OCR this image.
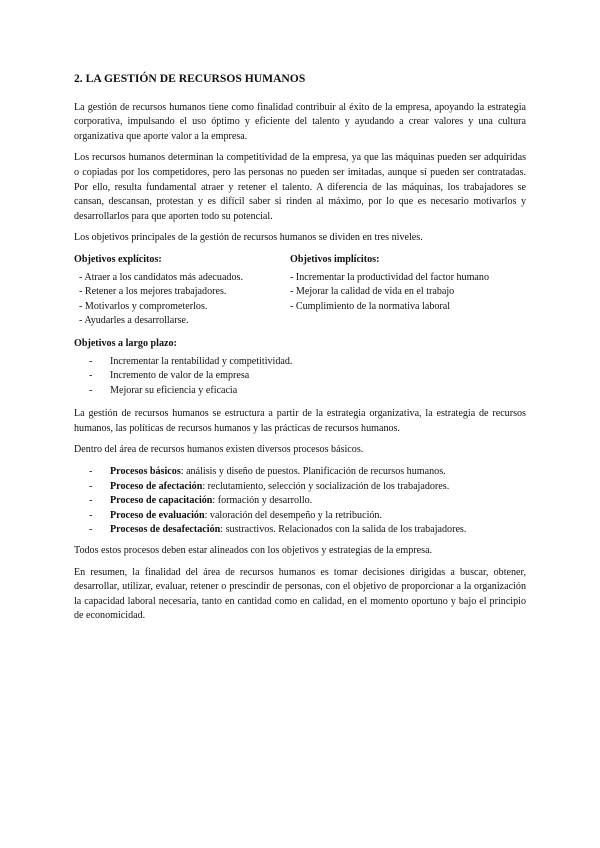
2. LA GESTIÓN DE RECURSOS HUMANOS

La gestión de recursos humanos tiene como finalidad contribuir al éxito de la empresa, apoyando la estrategia corporativa, impulsando el uso óptimo y eficiente del talento y ayudando a crear valores y una cultura organizativa que aporte valor a la empresa.

Los recursos humanos determinan la competitividad de la empresa, ya que las máquinas pueden ser adquiridas o copiadas por los competidores, pero las personas no pueden ser imitadas, aunque sí pueden ser contratadas. Por ello, resulta fundamental atraer y retener el talento. A diferencia de las máquinas, los trabajadores se cansan, descansan, protestan y es difícil saber si rinden al máximo, por lo que es necesario motivarlos y desarrollarlos para que aporten todo su potencial.

Los objetivos principales de la gestión de recursos humanos se dividen en tres niveles.

Objetivos explícitos:
- Atraer a los candidatos más adecuados.
- Retener a los mejores trabajadores.
- Motivarlos y comprometerlos.
- Ayudarles a desarrollarse.
Objetivos implícitos:
- Incrementar la productividad del factor humano
- Mejorar la calidad de vida en el trabajo
- Cumplimiento de la normativa laboral
Objetivos a largo plazo:
- Incrementar la rentabilidad y competitividad.
- Incremento de valor de la empresa
- Mejorar su eficiencia y eficacia

La gestión de recursos humanos se estructura a partir de la estrategia organizativa, la estrategia de recursos humanos, las políticas de recursos humanos y las prácticas de recursos humanos.

Dentro del área de recursos humanos existen diversos procesos básicos.

- Procesos básicos: análisis y diseño de puestos. Planificación de recursos humanos.
- Proceso de afectación: reclutamiento, selección y socialización de los trabajadores.
- Proceso de capacitación: formación y desarrollo.
- Proceso de evaluación: valoración del desempeño y la retribución.
- Procesos de desafectación: sustractivos. Relacionados con la salida de los trabajadores.

Todos estos procesos deben estar alineados con los objetivos y estrategias de la empresa.

En resumen, la finalidad del área de recursos humanos es tomar decisiones dirigidas a buscar, obtener, desarrollar, utilizar, evaluar, retener o prescindir de personas, con el objetivo de proporcionar a la organización la capacidad laboral necesaria, tanto en cantidad como en calidad, en el momento oportuno y bajo el principio de economicidad.
